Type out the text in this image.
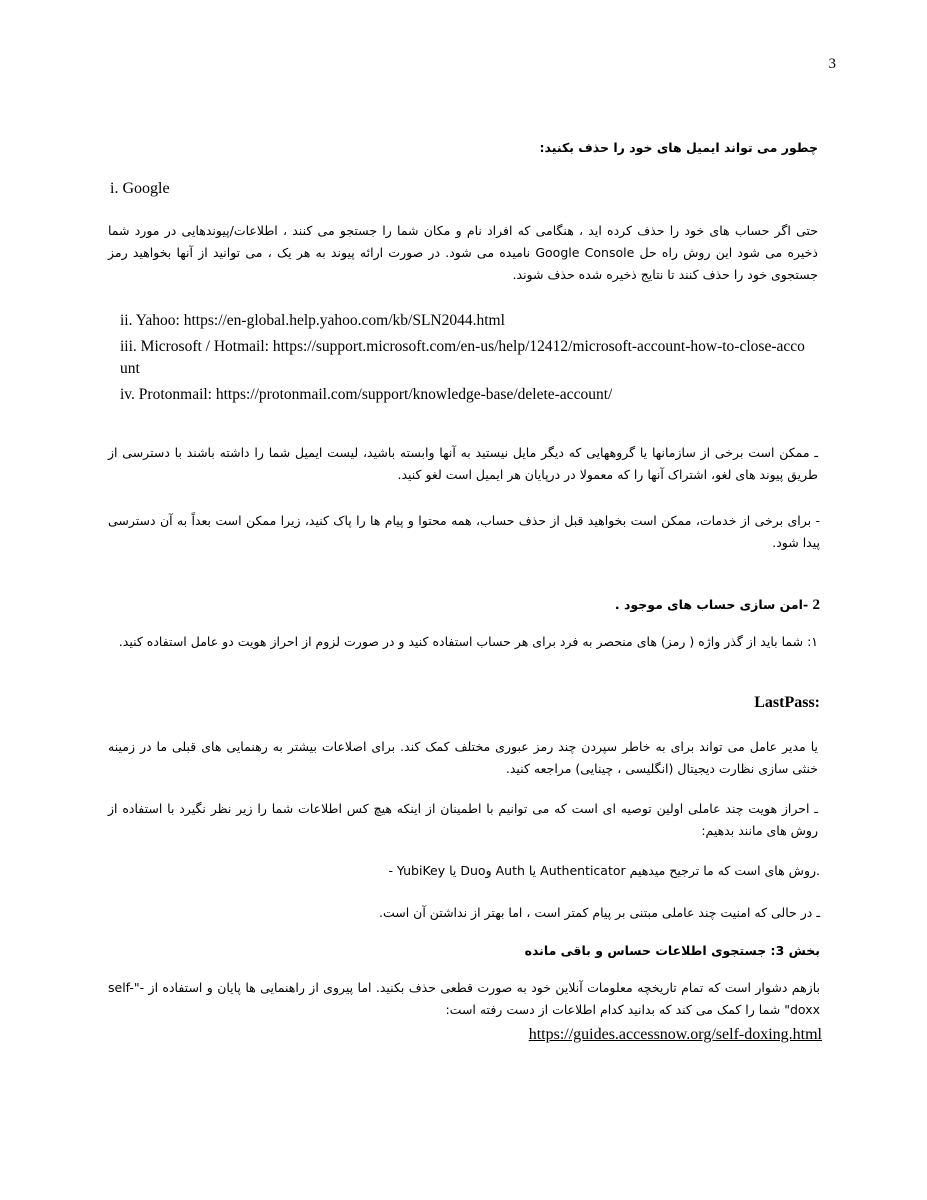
3
چطور می تواند ایمیل های خود را حذف بکنید:
i. Google
حتی اگر حساب های خود را حذف کرده اید ، هنگامی که افراد نام و مکان شما را جستجو می کنند ، اطلاعات/پیوندهایی در مورد شما ذخیره می شود این روش راه حل Google Console نامیده می شود. در صورت ارائه پیوند به هر یک ، می توانید از آنها بخواهید رمز جستجوی خود را حذف کنند تا نتایج ذخیره شده حذف شوند.
ii. Yahoo: https://en-global.help.yahoo.com/kb/SLN2044.html
iii. Microsoft / Hotmail: https://support.microsoft.com/en-us/help/12412/microsoft-account-how-to-close-account
iv. Protonmail: https://protonmail.com/support/knowledge-base/delete-account/
ـ ممکن است برخی از سازمانها یا گروههایی که دیگر مایل نیستید به آنها وابسته باشید، لیست ایمیل شما را داشته باشند با دسترسی از طریق پیوند های لغو، اشتراک آنها را که معمولا در درپایان هر ایمیل است لغو کنید.
- برای برخی از خدمات، ممکن است بخواهید قبل از حذف حساب، همه محتوا و پیام ها را پاک کنید، زیرا ممکن است بعداً به آن دسترسی پیدا شود.
2 -امن سازی حساب های موجود .
۱: شما باید از گذر واژه ( رمز) های منحصر به فرد برای هر حساب استفاده کنید و در صورت لزوم از احراز هویت دو عامل استفاده کنید.
LastPass:
یا مدیر عامل می تواند برای به خاطر سپردن چند رمز عبوری مختلف کمک کند. برای اصلاعات بیشتر به رهنمایی های قبلی ما در زمینه خنثی سازی نظارت دیجیتال (انگلیسی ، چینایی) مراجعه کنید.
ـ احراز هویت چند عاملی اولین توصیه ای است که می توانیم با اطمینان از اینکه هیچ کس اطلاعات شما را زیر نظر نگیرد با استفاده از روش های مانند بدهیم:
- YubiKey یا Duoو Auth یا Authenticator روش های است که ما ترجیح میدهیم.
ـ در حالی که امنیت چند عاملی مبتنی بر پیام کمتر است ، اما بهتر از نداشتن آن است.
بخش 3: جستجوی اطلاعات حساس و باقی مانده
بازهم دشوار است که تمام تاریخچه معلومات آنلاین خود به صورت قطعی حذف بکنید. اما پیروی از راهنمایی ها پایان و استفاده از -"self-doxx" شما را کمک می کند که بدانید کدام اطلاعات از دست رفته است:
https://guides.accessnow.org/self-doxing.html
